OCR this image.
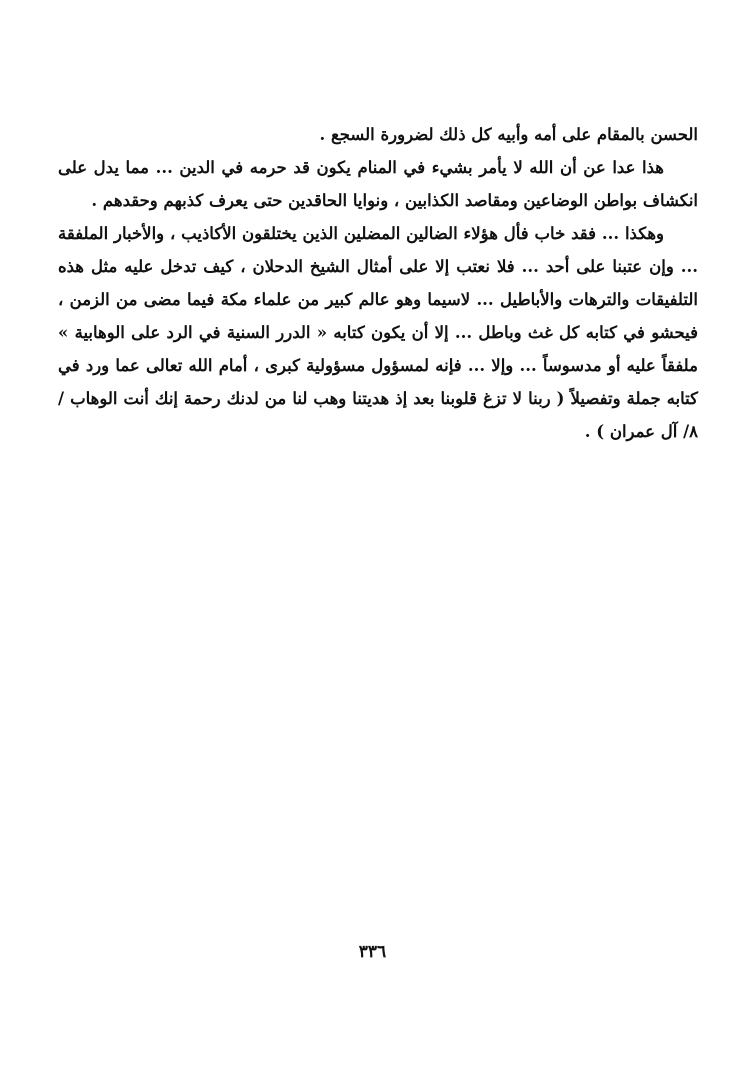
الحسن بالمقام على أمه وأبيه كل ذلك لضرورة السجع .

هذا عدا عن أن الله لا يأمر بشيء في المنام يكون قد حرمه في الدين ... مما يدل على انكشاف بواطن الوضاعين ومقاصد الكذابين ، ونوايا الحاقدين حتى يعرف كذبهم وحقدهم .

وهكذا ... فقد خاب فأل هؤلاء الضالين المضلين الذين يختلقون الأكاذيب ، والأخبار الملفقة ... وإن عتبنا على أحد ... فلا نعتب إلا على أمثال الشيخ الدحلان ، كيف تدخل عليه مثل هذه التلفيقات والترهات والأباطيل ... لاسيما وهو عالم كبير من علماء مكة فيما مضى من الزمن ، فيحشو في كتابه كل غث وباطل ... إلا أن يكون كتابه « الدرر السنية في الرد على الوهابية » ملفقاً عليه أو مدسوساً ... وإلا ... فإنه لمسؤول مسؤولية كبرى ، أمام الله تعالى عما ورد في كتابه جملة وتفصيلاً ( ربنا لا تزغ قلوبنا بعد إذ هديتنا وهب لنا من لدنك رحمة إنك أنت الوهاب /٨/ آل عمران ) .

٣٣٦
